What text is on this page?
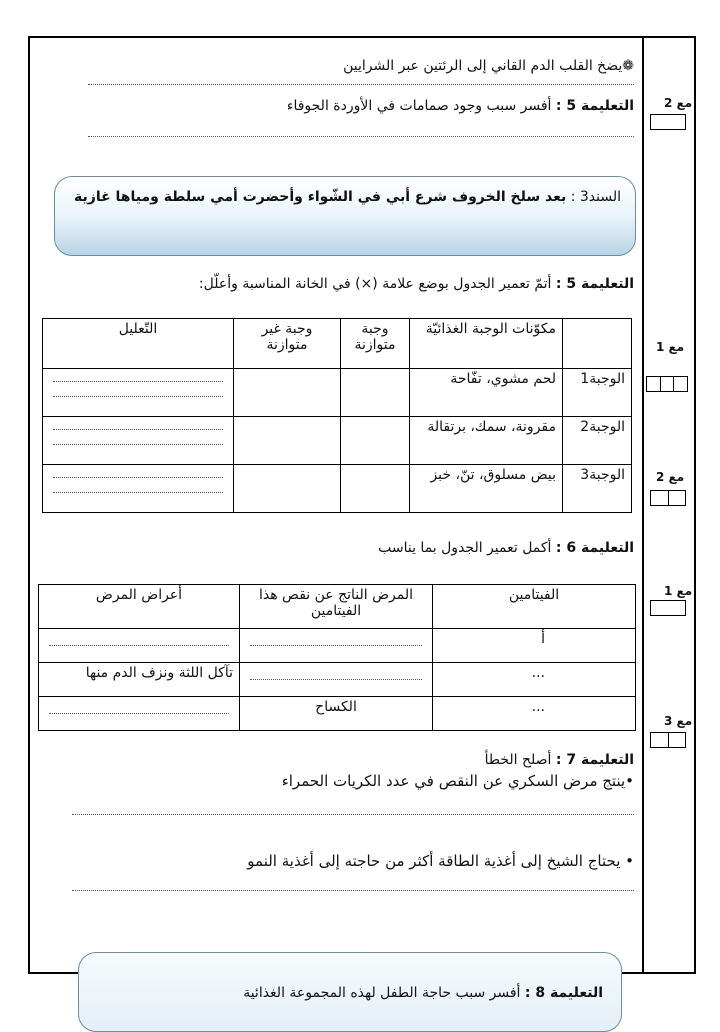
❁يضخ القلب الدم القاني إلى الرئتين عبر الشرايين
التعليمة 5 : أفسر سبب وجود صمامات في الأوردة الجوفاء	مع 2
مع 1
مع 2
مع 1
مع 3
السند3 : بعد سلخ الخروف شرع أبي في الشّواء وأحضرت أمي سلطة ومياها غازية
التعليمة 5 : أتمّ تعمير الجدول بوضع علامة (×) في الخانة المناسبة وأعلّل:
	مكوّنات الوجبة الغذائيّة	وجبة متوازنة	وجبة غير متوازنة	التّعليل
الوجبة1	لحم مشوي، تفّاحة			

الوجبة2	مقرونة، سمك، برتقالة			

الوجبة3	بيض مسلوق، تنّ، خبز			
التعليمة 6 : أكمل تعمير الجدول بما يناسب
الفيتامين	المرض الناتج عن نقص هذا الفيتامين	أعراض المرض
أ	

...		تآكل اللثة ونزف الدم منها
...	الكساح	
التعليمة 7 : أصلح الخطأ
•ينتج مرض السكري عن النقص في عدد الكريات الحمراء
• يحتاج الشيخ إلى أغذية الطاقة أكثر من حاجته إلى أغذية النمو
التعليمة 8 : أفسر سبب حاجة الطفل لهذه المجموعة الغذائية
